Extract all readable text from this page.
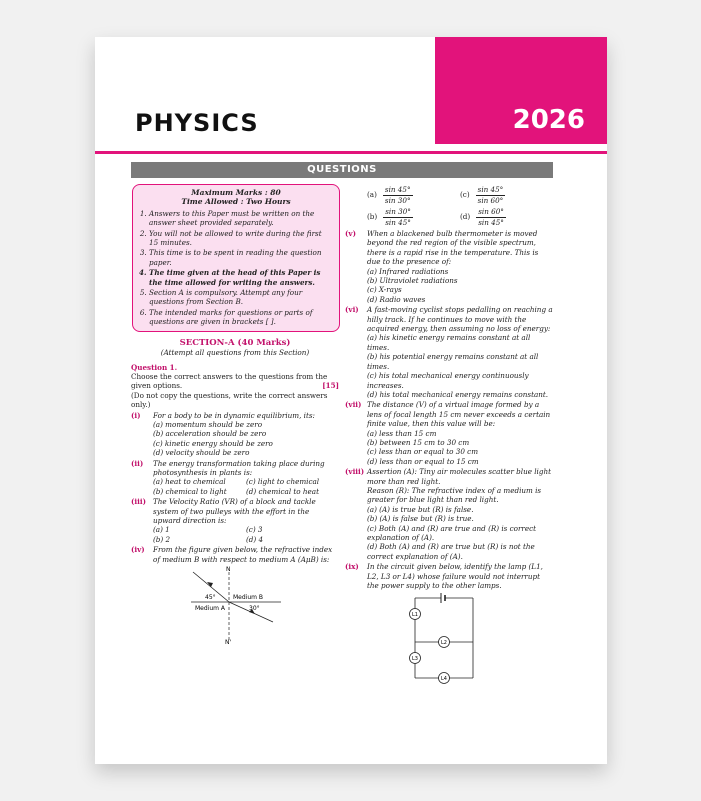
2026
PHYSICS
QUESTIONS
Maximum Marks : 80
Time Allowed : Two Hours
1. Answers to this Paper must be written on the answer sheet provided separately.
2. You will not be allowed to write during the first 15 minutes.
3. This time is to be spent in reading the question paper.
4. The time given at the head of this Paper is the time allowed for writing the answers.
5. Section A is compulsory. Attempt any four questions from Section B.
6. The intended marks for questions or parts of questions are given in brackets [ ].
SECTION-A (40 Marks)
(Attempt all questions from this Section)
Question 1.
Choose the correct answers to the questions from the given options.	[15]
(Do not copy the questions, write the correct answers only.)
(i)	For a body to be in dynamic equilibrium, its:
(a) momentum should be zero
(b) acceleration should be zero
(c) kinetic energy should be zero
(d) velocity should be zero
(ii)	The energy transformation taking place during photosynthesis in plants is:
(a) heat to chemical	(c) light to chemical
(b) chemical to light	(d) chemical to heat
(iii) The Velocity Ratio (VR) of a block and tackle system of two pulleys with the effort in the upward direction is:
(a) 1	(c) 3
(b) 2	(d) 4
(iv)	From the figure given below, the refractive index of medium B with respect to medium A (AμB) is:
N
N'
45°
30°
Medium B
Medium A
$(a) \frac{\sin 45^\circ}{\sin 30^\circ}$	$(c) \frac{\sin 45^\circ}{\sin 60^\circ}$
$(b) \frac{\sin 30^\circ}{\sin 45^\circ}$	$(d) \frac{\sin 60^\circ}{\sin 45^\circ}$
(v)	When a blackened bulb thermometer is moved beyond the red region of the visible spectrum, there is a rapid rise in the temperature. This is due to the presence of:
(a) Infrared radiations
(b) Ultraviolet radiations
(c) X-rays
(d) Radio waves
(vi)	A fast-moving cyclist stops pedalling on reaching a hilly track. If he continues to move with the acquired energy, then assuming no loss of energy:
(a) his kinetic energy remains constant at all times.
(b) his potential energy remains constant at all times.
(c) his total mechanical energy continuously increases.
(d) his total mechanical energy remains constant.
(vii) The distance (V) of a virtual image formed by a lens of focal length 15 cm never exceeds a certain finite value, then this value will be:
(a) less than 15 cm
(b) between 15 cm to 30 cm
(c) less than or equal to 30 cm
(d) less than or equal to 15 cm
(viii) Assertion (A): Tiny air molecules scatter blue light more than red light.
Reason (R): The refractive index of a medium is greater for blue light than red light.
(a) (A) is true but (R) is false.
(b) (A) is false but (R) is true.
(c) Both (A) and (R) are true and (R) is correct explanation of (A).
(d) Both (A) and (R) are true but (R) is not the correct explanation of (A).
(ix)	In the circuit given below, identify the lamp (L1, L2, L3 or L4) whose failure would not interrupt the power supply to the other lamps.
L1
L2
L3
L4
